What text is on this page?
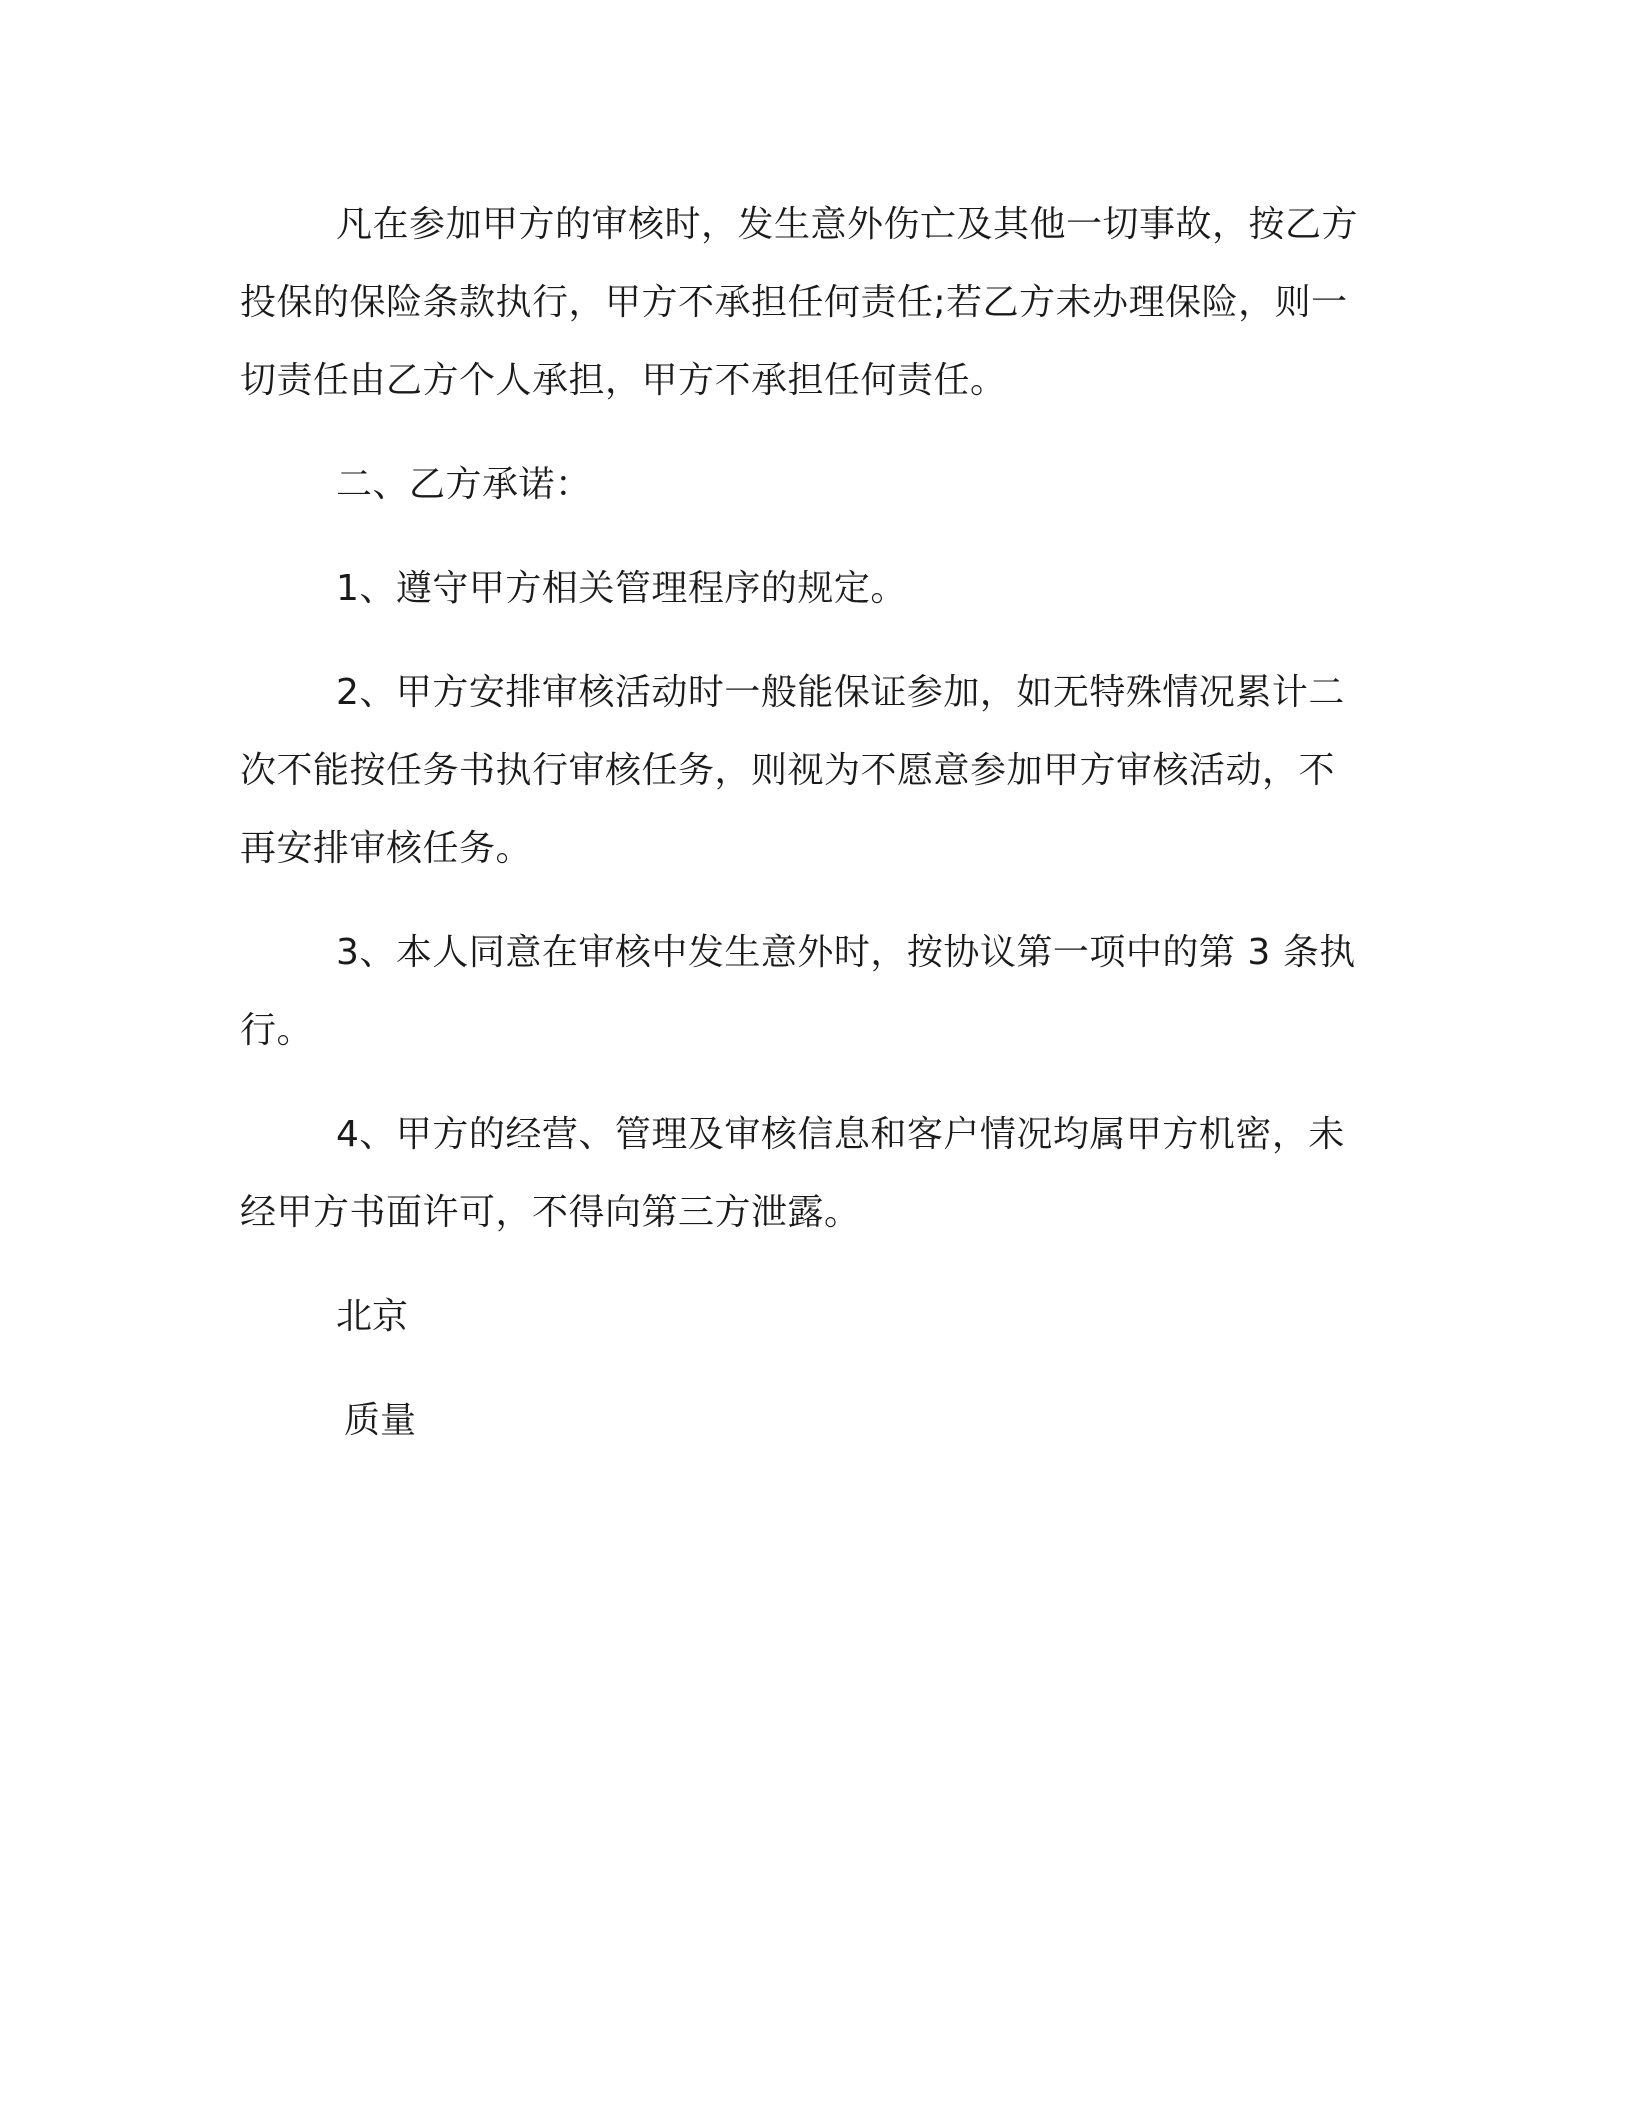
凡在参加甲方的审核时，发生意外伤亡及其他一切事故，按乙方投保的保险条款执行，甲方不承担任何责任;若乙方未办理保险，则一切责任由乙方个人承担，甲方不承担任何责任。

二、乙方承诺：

1、遵守甲方相关管理程序的规定。

2、甲方安排审核活动时一般能保证参加，如无特殊情况累计二次不能按任务书执行审核任务，则视为不愿意参加甲方审核活动，不再安排审核任务。

3、本人同意在审核中发生意外时，按协议第一项中的第 3 条执行。

4、甲方的经营、管理及审核信息和客户情况均属甲方机密，未经甲方书面许可，不得向第三方泄露。

北京
质量
